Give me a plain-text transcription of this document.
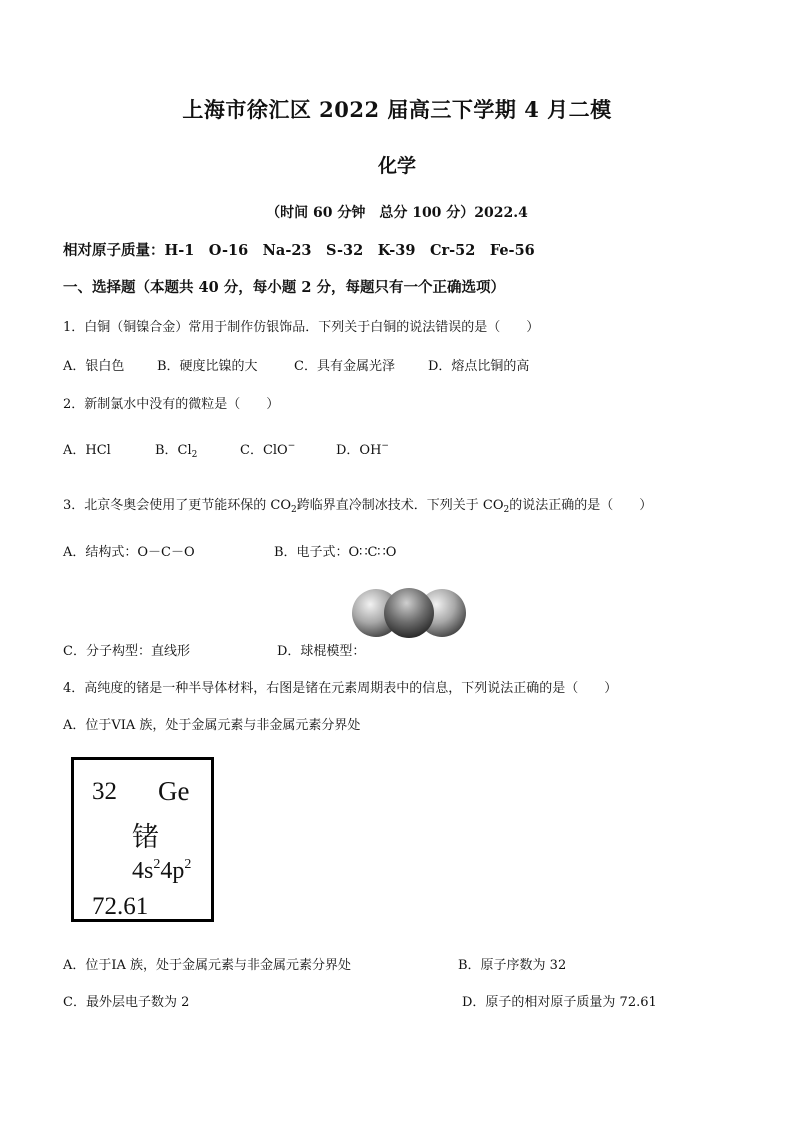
上海市徐汇区 2022 届高三下学期 4 月二模
化学
（时间 60 分钟　总分 100 分）2022.4
相对原子质量：H-1　O-16　Na-23　S-32　K-39　Cr-52　Fe-56
一、选择题（本题共 40 分，每小题 2 分，每题只有一个正确选项）
1．白铜（铜镍合金）常用于制作仿银饰品．下列关于白铜的说法错误的是（　　）
A．银白色	B．硬度比镍的大	C．具有金属光泽	D．熔点比铜的高
2．新制氯水中没有的微粒是（　　）
A．HCl	B．$Cl_2$	C．ClO−	D．OH−
3．北京冬奥会使用了更节能环保的 $CO_2$跨临界直冷制冰技术．下列关于 $CO_2$的说法正确的是（　　）
A．结构式：O－C－O	B．电子式：O∷C∷O
C．分子构型：直线形	D．球棍模型：
4．高纯度的锗是一种半导体材料，右图是锗在元素周期表中的信息，下列说法正确的是（　　）
A．位于VIA 族，处于金属元素与非金属元素分界处
32 Ge
锗
$4s^24p^2$
72.61
A．位于ⅠA 族，处于金属元素与非金属元素分界处	B．原子序数为 32
C．最外层电子数为 2	D．原子的相对原子质量为 72.61
